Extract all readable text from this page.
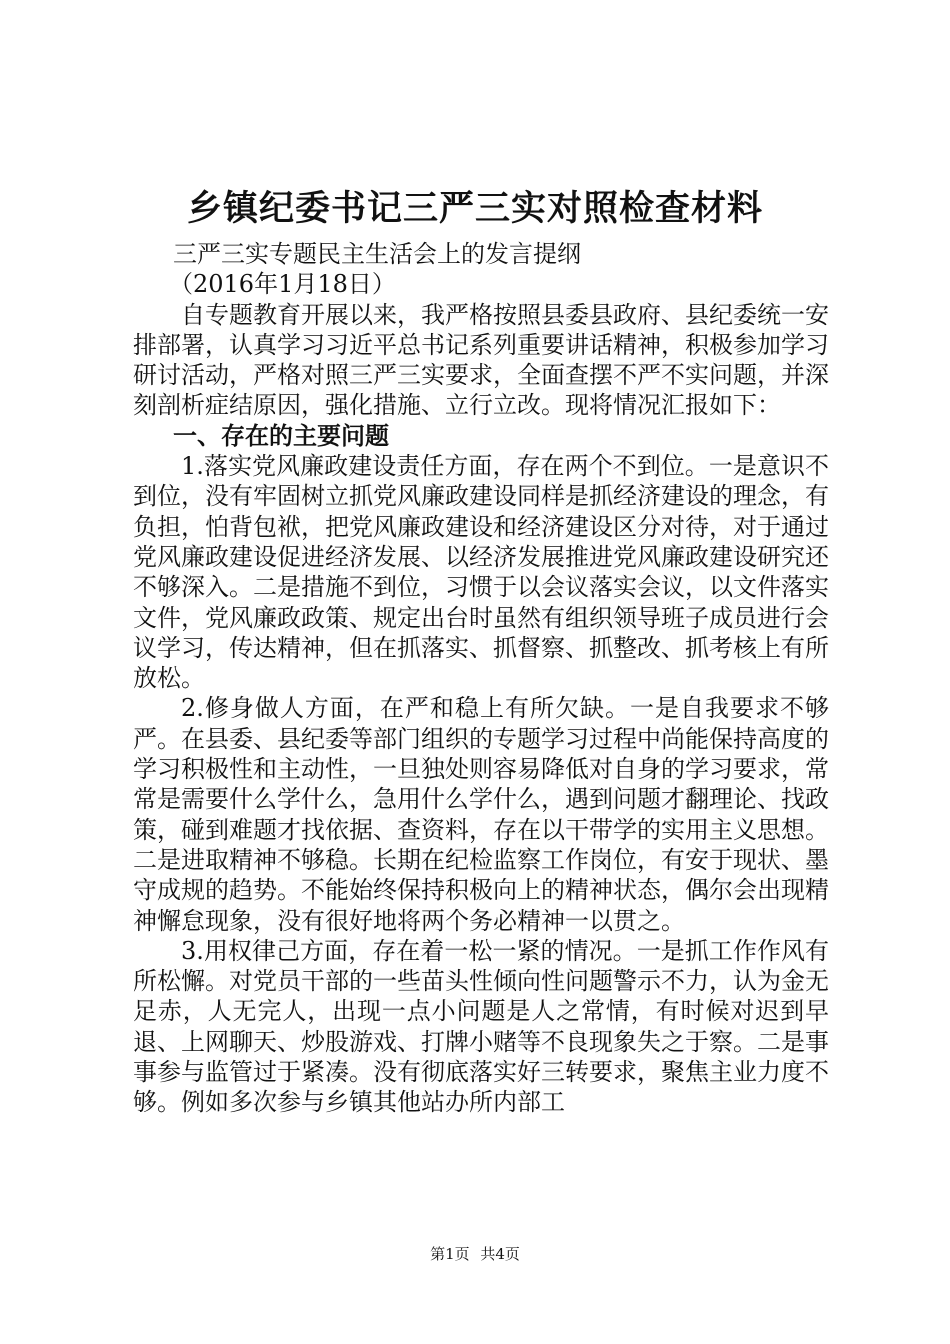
乡镇纪委书记三严三实对照检查材料

三严三实专题民主生活会上的发言提纲

（2016年1月18日）

自专题教育开展以来，我严格按照县委县政府、县纪委统一安排部署，认真学习习近平总书记系列重要讲话精神，积极参加学习研讨活动，严格对照三严三实要求，全面查摆不严不实问题，并深刻剖析症结原因，强化措施、立行立改。现将情况汇报如下：

一、存在的主要问题

1.落实党风廉政建设责任方面，存在两个不到位。一是意识不到位，没有牢固树立抓党风廉政建设同样是抓经济建设的理念，有负担，怕背包袱，把党风廉政建设和经济建设区分对待，对于通过党风廉政建设促进经济发展、以经济发展推进党风廉政建设研究还不够深入。二是措施不到位，习惯于以会议落实会议，以文件落实文件，党风廉政政策、规定出台时虽然有组织领导班子成员进行会议学习，传达精神，但在抓落实、抓督察、抓整改、抓考核上有所放松。

2.修身做人方面，在严和稳上有所欠缺。一是自我要求不够严。在县委、县纪委等部门组织的专题学习过程中尚能保持高度的学习积极性和主动性，一旦独处则容易降低对自身的学习要求，常常是需要什么学什么，急用什么学什么，遇到问题才翻理论、找政策，碰到难题才找依据、查资料，存在以干带学的实用主义思想。二是进取精神不够稳。长期在纪检监察工作岗位，有安于现状、墨守成规的趋势。不能始终保持积极向上的精神状态，偶尔会出现精神懈怠现象，没有很好地将两个务必精神一以贯之。

3.用权律己方面，存在着一松一紧的情况。一是抓工作作风有所松懈。对党员干部的一些苗头性倾向性问题警示不力，认为金无足赤，人无完人，出现一点小问题是人之常情，有时候对迟到早退、上网聊天、炒股游戏、打牌小赌等不良现象失之于察。二是事事参与监管过于紧凑。没有彻底落实好三转要求，聚焦主业力度不够。例如多次参与乡镇其他站办所内部工

第1页 共4页
